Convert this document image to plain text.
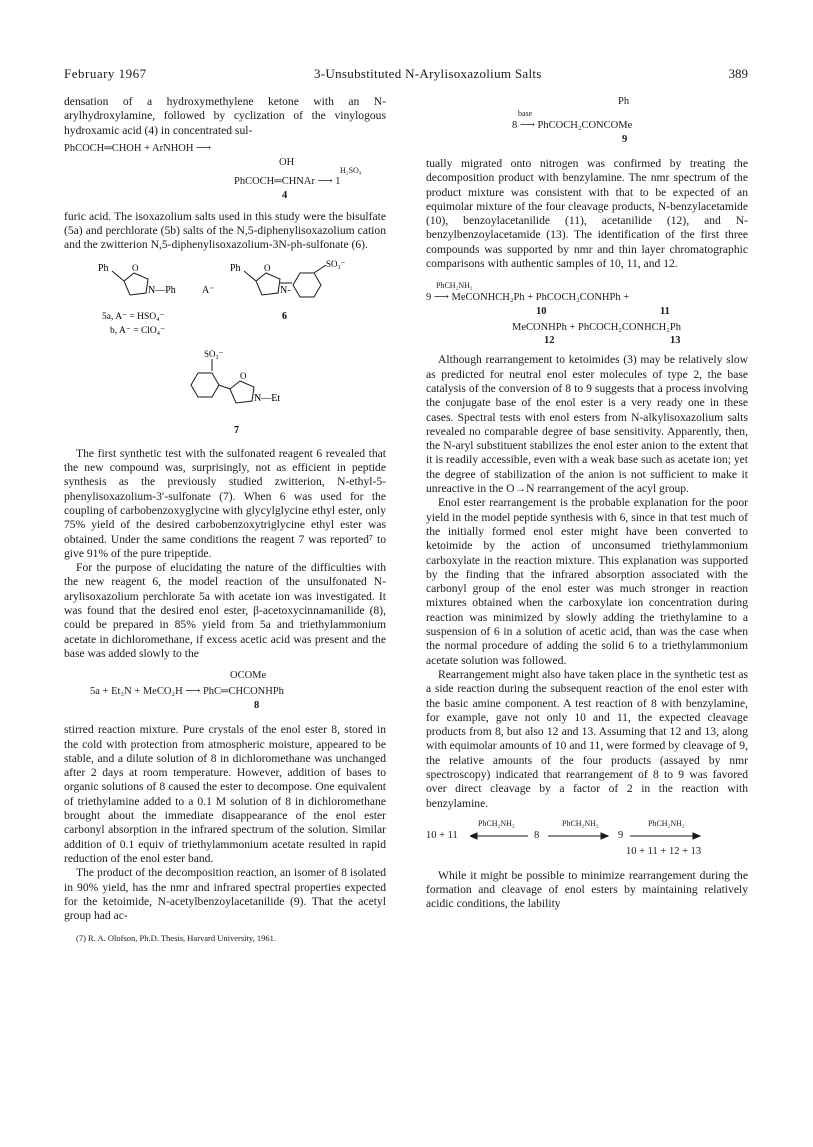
February 1967	3-Unsubstituted N-Arylisoxazolium Salts	389

densation of a hydroxymethylene ketone with an N-arylhydroxylamine, followed by cyclization of the vinylogous hydroxamic acid (4) in concentrated sul-

PhCOCH═CHOH + ArNHOH ⟶
OH
H₂SO₄
PhCOCH═CHNAr ⟶ 1
4

furic acid. The isoxazolium salts used in this study were the bisulfate (5a) and perchlorate (5b) salts of the N,5-diphenylisoxazolium cation and the zwitterion N,5-diphenylisoxazolium-3N-ph-sulfonate (6).

Ph	O
N—Ph	A⁻
5a, A⁻ = HSO₄⁻
b, A⁻ = ClO₄⁻
Ph	O
N-
SO₃⁻
6
SO₃⁻
O
N—Et
7

The first synthetic test with the sulfonated reagent 6 revealed that the new compound was, surprisingly, not as efficient in peptide synthesis as the previously studied zwitterion, N-ethyl-5-phenylisoxazolium-3′-sulfonate (7). When 6 was used for the coupling of carbobenzoxyglycine with glycylglycine ethyl ester, only 75% yield of the desired carbobenzoxytriglycine ethyl ester was obtained. Under the same conditions the reagent 7 was reported⁷ to give 91% of the pure tripeptide.

For the purpose of elucidating the nature of the difficulties with the new reagent 6, the model reaction of the unsulfonated N-arylisoxazolium perchlorate 5a with acetate ion was investigated. It was found that the desired enol ester, β-acetoxycinnamanilide (8), could be prepared in 85% yield from 5a and triethylammonium acetate in dichloromethane, if excess acetic acid was present and the base was added slowly to the

OCOMe
5a + Et₃N + MeCO₂H ⟶ PhC═CHCONHPh
8

stirred reaction mixture. Pure crystals of the enol ester 8, stored in the cold with protection from atmospheric moisture, appeared to be stable, and a dilute solution of 8 in dichloromethane was unchanged after 2 days at room temperature. However, addition of bases to organic solutions of 8 caused the ester to decompose. One equivalent of triethylamine added to a 0.1 M solution of 8 in dichloromethane brought about the immediate disappearance of the enol ester carbonyl absorption in the infrared spectrum of the solution. Similar addition of 0.1 equiv of triethylammonium acetate resulted in rapid reduction of the enol ester band.

The product of the decomposition reaction, an isomer of 8 isolated in 90% yield, has the nmr and infrared spectral properties expected for the ketoimide, N-acetylbenzoylacetanilide (9). That the acetyl group had ac-

(7) R. A. Olofson, Ph.D. Thesis, Harvard University, 1961.
Ph
base
8 ⟶ PhCOCH₂CONCOMe
9

tually migrated onto nitrogen was confirmed by treating the decomposition product with benzylamine. The nmr spectrum of the product mixture was consistent with that to be expected of an equimolar mixture of the four cleavage products, N-benzylacetamide (10), benzoylacetanilide (11), acetanilide (12), and N-benzylbenzoylacetamide (13). The identification of the first three compounds was supported by nmr and thin layer chromatographic comparisons with authentic samples of 10, 11, and 12.

PhCH₂NH₂
9 ⟶ MeCONHCH₂Ph + PhCOCH₂CONHPh +
10	11
MeCONHPh + PhCOCH₂CONHCH₂Ph
12	13

Although rearrangement to ketoimides (3) may be relatively slow as predicted for neutral enol ester molecules of type 2, the base catalysis of the conversion of 8 to 9 suggests that a process involving the conjugate base of the enol ester is a very ready one in these cases. Spectral tests with enol esters from N-alkylisoxazolium salts revealed no comparable degree of base sensitivity. Apparently, then, the N-aryl substituent stabilizes the enol ester anion to the extent that it is readily accessible, even with a weak base such as acetate ion; yet the degree of stabilization of the anion is not sufficient to make it unreactive in the O→N rearrangement of the acyl group.

Enol ester rearrangement is the probable explanation for the poor yield in the model peptide synthesis with 6, since in that test much of the initially formed enol ester might have been converted to ketoimide by the action of unconsumed triethylammonium carboxylate in the reaction mixture. This explanation was supported by the finding that the infrared absorption associated with the carbonyl group of the enol ester was much stronger in reaction mixtures obtained when the carboxylate ion concentration during reaction was minimized by slowly adding the triethylamine to a suspension of 6 in a solution of acetic acid, than was the case when the normal procedure of adding the solid 6 to a triethylammonium acetate solution was followed.

Rearrangement might also have taken place in the synthetic test as a side reaction during the subsequent reaction of the enol ester with the basic amine component. A test reaction of 8 with benzylamine, for example, gave not only 10 and 11, the expected cleavage products from 8, but also 12 and 13. Assuming that 12 and 13, along with equimolar amounts of 10 and 11, were formed by cleavage of 9, the relative amounts of the four products (assayed by nmr spectroscopy) indicated that rearrangement of 8 to 9 was favored over direct cleavage by a factor of 2 in the reaction with benzylamine.

PhCH₂NH₂	PhCH₂NH₂	PhCH₂NH₂
10 + 11	8	9
10 + 11 + 12 + 13

While it might be possible to minimize rearrangement during the formation and cleavage of enol esters by maintaining relatively acidic conditions, the lability
